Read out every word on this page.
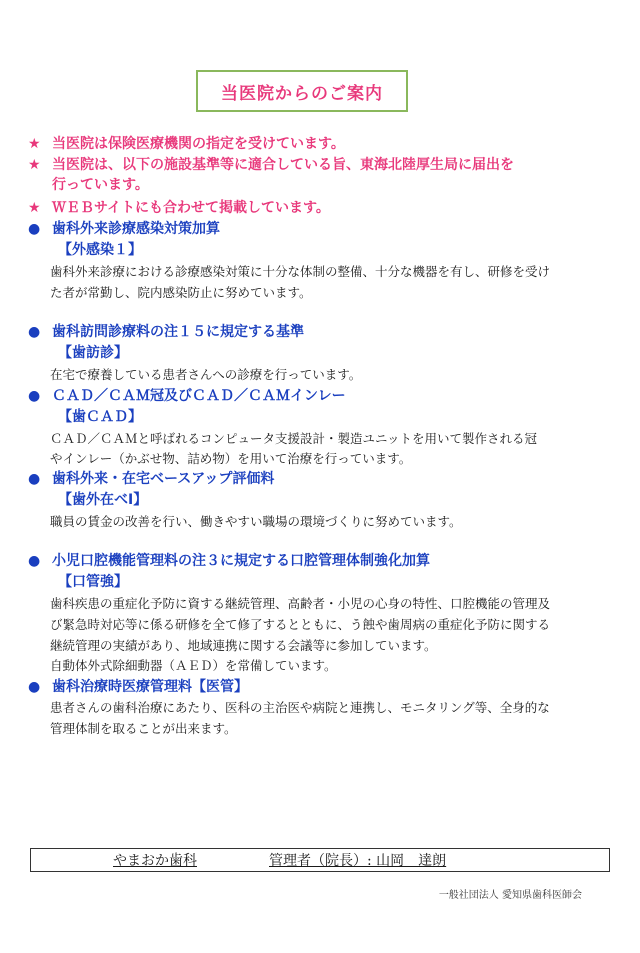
当医院からのご案内
★ 当医院は保険医療機関の指定を受けています。
★ 当医院は、以下の施設基準等に適合している旨、東海北陸厚生局に届出を
行っています。
★ ＷＥＢサイトにも合わせて掲載しています。
● 歯科外来診療感染対策加算
【外感染１】
歯科外来診療における診療感染対策に十分な体制の整備、十分な機器を有し、研修を受け
た者が常勤し、院内感染防止に努めています。
● 歯科訪問診療料の注１５に規定する基準
【歯訪診】
在宅で療養している患者さんへの診療を行っています。
● ＣＡＤ／ＣＡＭ冠及びＣＡＤ／ＣＡＭインレー
【歯ＣＡＤ】
ＣＡＤ／ＣＡＭと呼ばれるコンピュータ支援設計・製造ユニットを用いて製作される冠
やインレー（かぶせ物、詰め物）を用いて治療を行っています。
● 歯科外来・在宅ベースアップ評価料
【歯外在ベⅠ】
職員の賃金の改善を行い、働きやすい職場の環境づくりに努めています。
● 小児口腔機能管理料の注３に規定する口腔管理体制強化加算
【口管強】
歯科疾患の重症化予防に資する継続管理、高齢者・小児の心身の特性、口腔機能の管理及
び緊急時対応等に係る研修を全て修了するとともに、う蝕や歯周病の重症化予防に関する
継続管理の実績があり、地域連携に関する会議等に参加しています。
自動体外式除細動器（ＡＥＤ）を常備しています。
● 歯科治療時医療管理料【医管】
患者さんの歯科治療にあたり、医科の主治医や病院と連携し、モニタリング等、全身的な
管理体制を取ることが出来ます。
やまおか歯科	管理者（院長）: 山岡　達朗
一般社団法人 愛知県歯科医師会
